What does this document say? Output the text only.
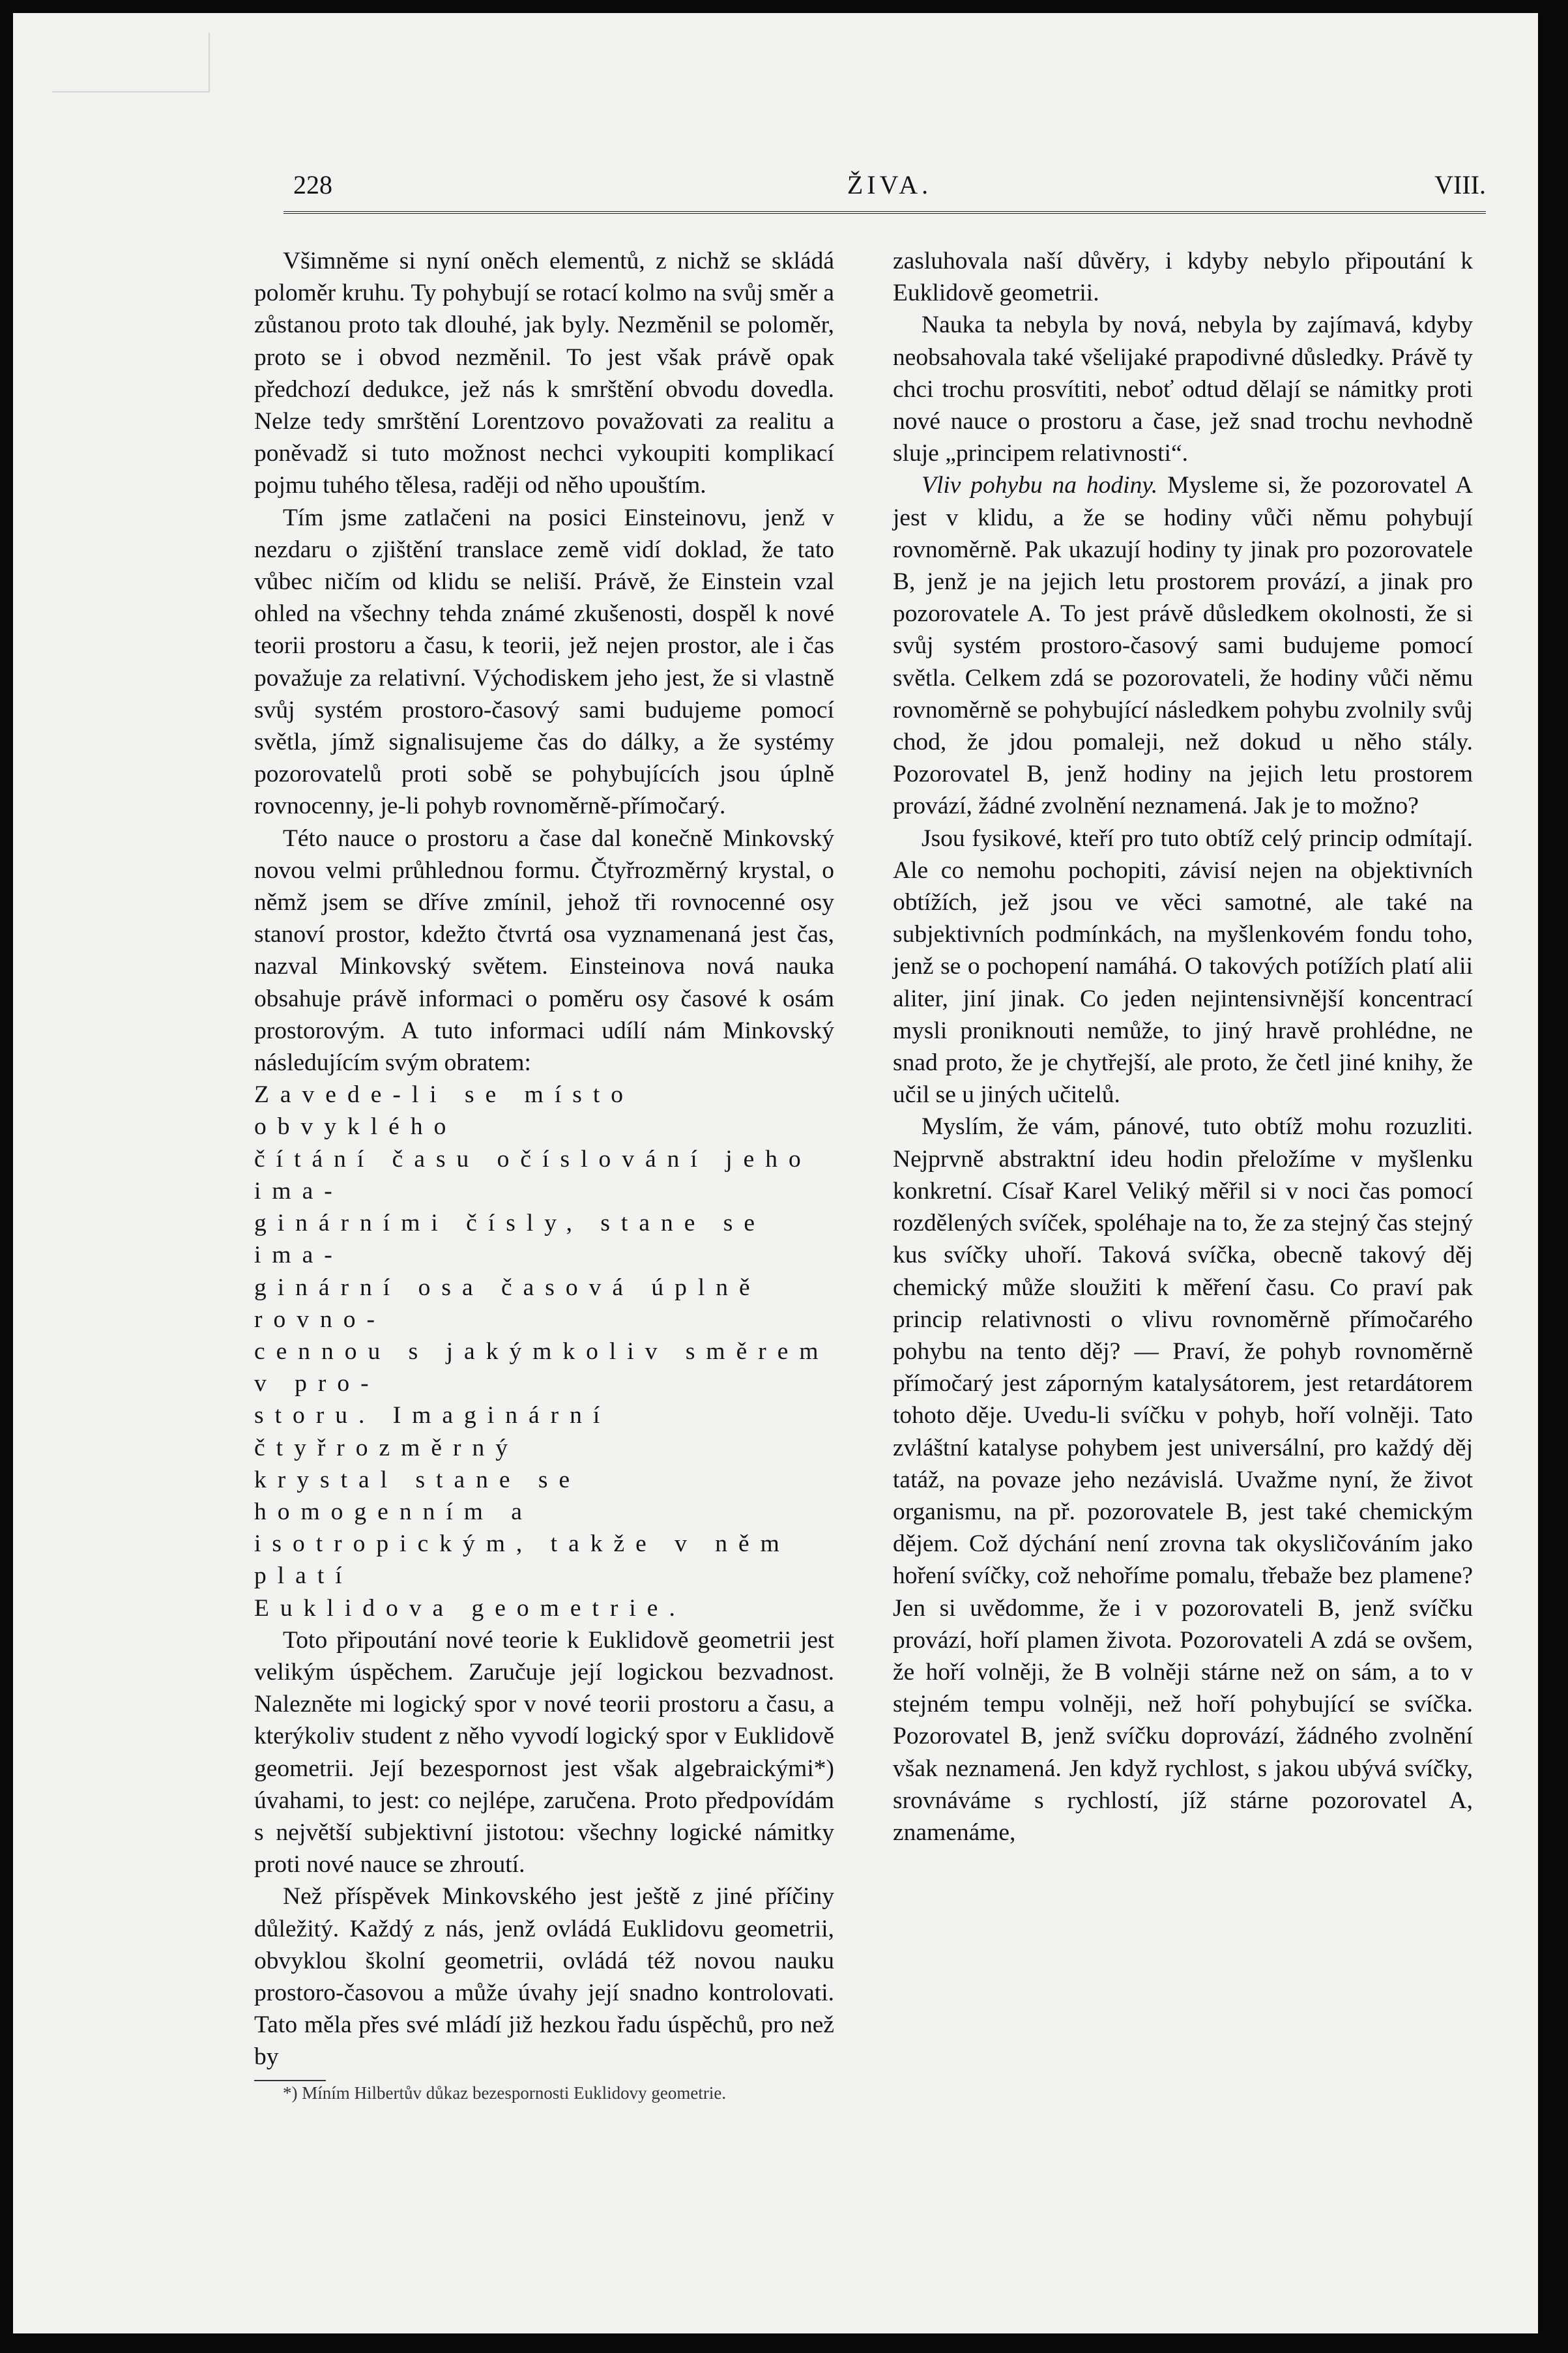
228	ŽIVA.	VIII.

Všimněme si nyní oněch elementů, z nichž se skládá poloměr kruhu. Ty pohybují se rotací kolmo na svůj směr a zůstanou proto tak dlouhé, jak byly. Nezměnil se poloměr, proto se i obvod nezměnil. To jest však právě opak předchozí dedukce, jež nás k smrštění obvodu dovedla. Nelze tedy smrštění Lorentzovo považovati za realitu a poněvadž si tuto možnost nechci vykoupiti komplikací pojmu tuhého tělesa, raději od něho upouštím.

Tím jsme zatlačeni na posici Einsteinovu, jenž v nezdaru o zjištění translace země vidí doklad, že tato vůbec ničím od klidu se neliší. Právě, že Einstein vzal ohled na všechny tehda známé zkušenosti, dospěl k nové teorii prostoru a času, k teorii, jež nejen prostor, ale i čas považuje za relativní. Východiskem jeho jest, že si vlastně svůj systém prostoro-časový sami budujeme pomocí světla, jímž signalisujeme čas do dálky, a že systémy pozorovatelů proti sobě se pohybujících jsou úplně rovnocenny, je-li pohyb rovnoměrně-přímočarý.

Této nauce o prostoru a čase dal konečně Minkovský novou velmi průhlednou formu. Čtyřrozměrný krystal, o němž jsem se dříve zmínil, jehož tři rovnocenné osy stanoví prostor, kdežto čtvrtá osa vyznamenaná jest čas, nazval Minkovský světem. Einsteinova nová nauka obsahuje právě informaci o poměru osy časové k osám prostorovým. A tuto informaci udílí nám Minkovský následujícím svým obratem:

Zavede-li se místo obvyklého

čítání času očíslování jeho ima-

ginárními čísly, stane se ima-

ginární osa časová úplně rovno-

cennou s jakýmkoliv směrem v pro-

storu. Imaginární čtyřrozměrný

krystal stane se homogenním a

isotropickým, takže v něm platí

Euklidova geometrie.

Toto připoutání nové teorie k Euklidově geometrii jest velikým úspěchem. Zaručuje její logickou bezvadnost. Nalezněte mi logický spor v nové teorii prostoru a času, a kterýkoliv student z něho vyvodí logický spor v Euklidově geometrii. Její bezespornost jest však algebraickými*) úvahami, to jest: co nejlépe, zaručena. Proto předpovídám s největší subjektivní jistotou: všechny logické námitky proti nové nauce se zhroutí.

Než příspěvek Minkovského jest ještě z jiné příčiny důležitý. Každý z nás, jenž ovládá Euklidovu geometrii, obvyklou školní geometrii, ovládá též novou nauku prostoro-časovou a může úvahy její snadno kontrolovati. Tato měla přes své mládí již hezkou řadu úspěchů, pro než by

*) Míním Hilbertův důkaz bezespornosti Euklidovy geometrie.

zasluhovala naší důvěry, i kdyby nebylo připoutání k Euklidově geometrii.

Nauka ta nebyla by nová, nebyla by zajímavá, kdyby neobsahovala také všelijaké prapodivné důsledky. Právě ty chci trochu prosvítiti, neboť odtud dělají se námitky proti nové nauce o prostoru a čase, jež snad trochu nevhodně sluje „principem relativnosti“.

Vliv pohybu na hodiny. Mysleme si, že pozorovatel A jest v klidu, a že se hodiny vůči němu pohybují rovnoměrně. Pak ukazují hodiny ty jinak pro pozorovatele B, jenž je na jejich letu prostorem provází, a jinak pro pozorovatele A. To jest právě důsledkem okolnosti, že si svůj systém prostoro-časový sami budujeme pomocí světla. Celkem zdá se pozorovateli, že hodiny vůči němu rovnoměrně se pohybující následkem pohybu zvolnily svůj chod, že jdou pomaleji, než dokud u něho stály. Pozorovatel B, jenž hodiny na jejich letu prostorem provází, žádné zvolnění neznamená. Jak je to možno?

Jsou fysikové, kteří pro tuto obtíž celý princip odmítají. Ale co nemohu pochopiti, závisí nejen na objektivních obtížích, jež jsou ve věci samotné, ale také na subjektivních podmínkách, na myšlenkovém fondu toho, jenž se o pochopení namáhá. O takových potížích platí alii aliter, jiní jinak. Co jeden nejintensivnější koncentrací mysli proniknouti nemůže, to jiný hravě prohlédne, ne snad proto, že je chytřejší, ale proto, že četl jiné knihy, že učil se u jiných učitelů.

Myslím, že vám, pánové, tuto obtíž mohu rozuzliti. Nejprvně abstraktní ideu hodin přeložíme v myšlenku konkretní. Císař Karel Veliký měřil si v noci čas pomocí rozdělených svíček, spoléhaje na to, že za stejný čas stejný kus svíčky uhoří. Taková svíčka, obecně takový děj chemický může sloužiti k měření času. Co praví pak princip relativnosti o vlivu rovnoměrně přímočarého pohybu na tento děj? — Praví, že pohyb rovnoměrně přímočarý jest záporným katalysátorem, jest retardátorem tohoto děje. Uvedu-li svíčku v pohyb, hoří volněji. Tato zvláštní katalyse pohybem jest universální, pro každý děj tatáž, na povaze jeho nezávislá. Uvažme nyní, že život organismu, na př. pozorovatele B, jest také chemickým dějem. Což dýchání není zrovna tak okysličováním jako hoření svíčky, což nehoříme pomalu, třebaže bez plamene? Jen si uvědomme, že i v pozorovateli B, jenž svíčku provází, hoří plamen života. Pozorovateli A zdá se ovšem, že hoří volněji, že B volněji stárne než on sám, a to v stejném tempu volněji, než hoří pohybující se svíčka. Pozorovatel B, jenž svíčku doprovází, žádného zvolnění však neznamená. Jen když rychlost, s jakou ubývá svíčky, srovnáváme s rychlostí, jíž stárne pozorovatel A, znamenáme,
